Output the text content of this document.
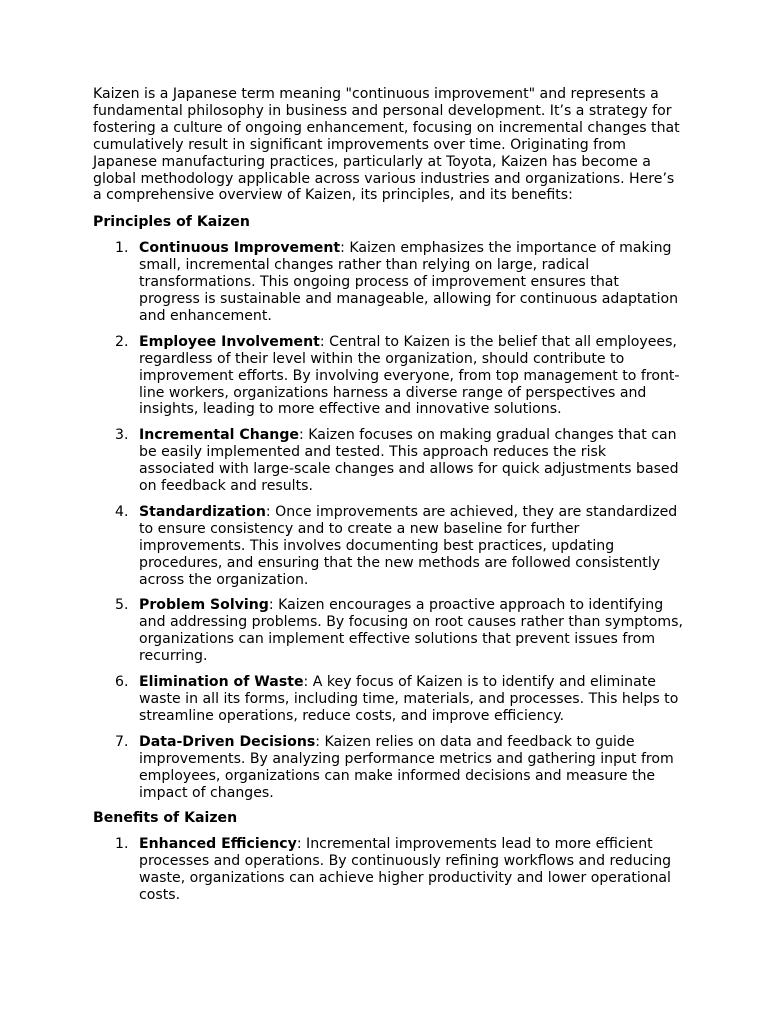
Kaizen is a Japanese term meaning "continuous improvement" and represents a fundamental philosophy in business and personal development. It’s a strategy for fostering a culture of ongoing enhancement, focusing on incremental changes that cumulatively result in significant improvements over time. Originating from Japanese manufacturing practices, particularly at Toyota, Kaizen has become a global methodology applicable across various industries and organizations. Here’s a comprehensive overview of Kaizen, its principles, and its benefits:

Principles of Kaizen
1. Continuous Improvement: Kaizen emphasizes the importance of making small, incremental changes rather than relying on large, radical transformations. This ongoing process of improvement ensures that progress is sustainable and manageable, allowing for continuous adaptation and enhancement.
2. Employee Involvement: Central to Kaizen is the belief that all employees, regardless of their level within the organization, should contribute to improvement efforts. By involving everyone, from top management to front-line workers, organizations harness a diverse range of perspectives and insights, leading to more effective and innovative solutions.
3. Incremental Change: Kaizen focuses on making gradual changes that can be easily implemented and tested. This approach reduces the risk associated with large-scale changes and allows for quick adjustments based on feedback and results.
4. Standardization: Once improvements are achieved, they are standardized to ensure consistency and to create a new baseline for further improvements. This involves documenting best practices, updating procedures, and ensuring that the new methods are followed consistently across the organization.
5. Problem Solving: Kaizen encourages a proactive approach to identifying and addressing problems. By focusing on root causes rather than symptoms, organizations can implement effective solutions that prevent issues from recurring.
6. Elimination of Waste: A key focus of Kaizen is to identify and eliminate waste in all its forms, including time, materials, and processes. This helps to streamline operations, reduce costs, and improve efficiency.
7. Data-Driven Decisions: Kaizen relies on data and feedback to guide improvements. By analyzing performance metrics and gathering input from employees, organizations can make informed decisions and measure the impact of changes.
Benefits of Kaizen
1. Enhanced Efficiency: Incremental improvements lead to more efficient processes and operations. By continuously refining workflows and reducing waste, organizations can achieve higher productivity and lower operational costs.
